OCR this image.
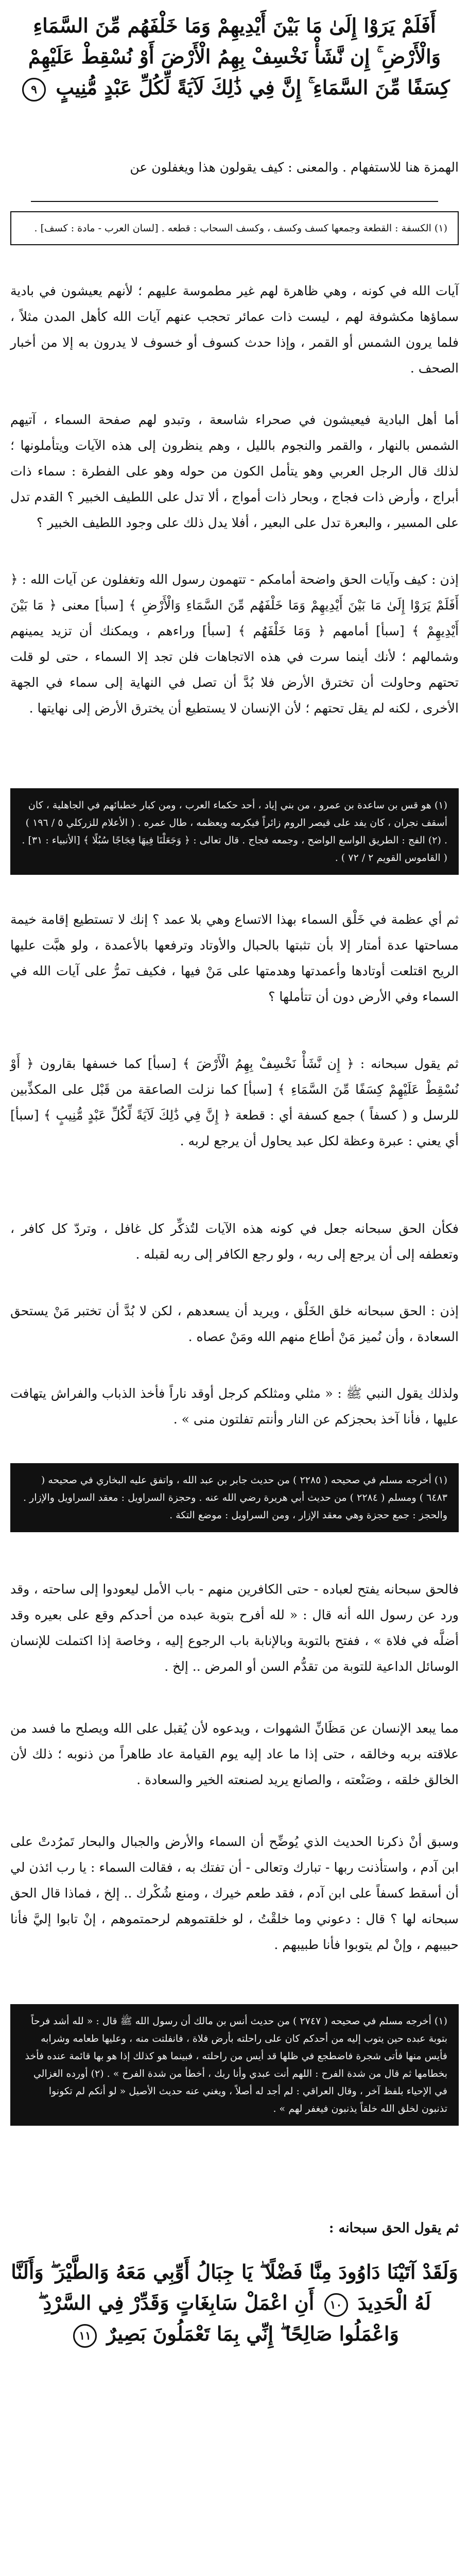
أَفَلَمْ يَرَوْا إِلَىٰ مَا بَيْنَ أَيْدِيهِمْ وَمَا خَلْفَهُم مِّنَ السَّمَاءِ وَالْأَرْضِ ۚ إِن نَّشَأْ نَخْسِفْ بِهِمُ الْأَرْضَ أَوْ نُسْقِطْ عَلَيْهِمْ كِسَفًا مِّنَ السَّمَاءِ ۚ إِنَّ فِي ذَٰلِكَ لَآيَةً لِّكُلِّ عَبْدٍ مُّنِيبٍ ٩
الهمزة هنا للاستفهام . والمعنى : كيف يقولون هذا ويغفلون عن
(١) الكسفة : القطعة وجمعها كسف وكسف ، وكسف السحاب : قطعه . [لسان العرب - مادة : كسف] .
آيات الله في كونه ، وهي ظاهرة لهم غير مطموسة عليهم ؛ لأنهم يعيشون في بادية سماؤها مكشوفة لهم ، ليست ذات عمائر تحجب عنهم آيات الله كأهل المدن مثلاً ، فلما يرون الشمس أو القمر ، وإذا حدث كسوف أو خسوف لا يدرون به إلا من أخبار الصحف .
أما أهل البادية فيعيشون في صحراء شاسعة ، وتبدو لهم صفحة السماء ، آتيهم الشمس بالنهار ، والقمر والنجوم بالليل ، وهم ينظرون إلى هذه الآيات ويتأملونها ؛ لذلك قال الرجل العربي وهو يتأمل الكون من حوله وهو على الفطرة : سماء ذات أبراج ، وأرض ذات فجاج ، وبحار ذات أمواج ، ألا تدل على اللطيف الخبير ؟ القدم تدل على المسير ، والبعرة تدل على البعير ، أفلا يدل ذلك على وجود اللطيف الخبير ؟
إذن : كيف وآيات الحق واضحة أمامكم - تتهمون رسول الله وتغفلون عن آيات الله : ﴿ أَفَلَمْ يَرَوْا إِلَىٰ مَا بَيْنَ أَيْدِيهِمْ وَمَا خَلْفَهُم مِّنَ السَّمَاءِ وَالْأَرْضِ ﴾ [سبأ] معنى ﴿ مَا بَيْنَ أَيْدِيهِمْ ﴾ [سبأ] أمامهم ﴿ وَمَا خَلْفَهُم ﴾ [سبأ] وراءهم ، ويمكنك أن تزيد يمينهم وشمالهم ؛ لأنك أينما سرت في هذه الاتجاهات فلن تجد إلا السماء ، حتى لو قلت تحتهم وحاولت أن تخترق الأرض فلا بُدَّ أن تصل في النهاية إلى سماء في الجهة الأخرى ، لكنه لم يقل تحتهم ؛ لأن الإنسان لا يستطيع أن يخترق الأرض إلى نهايتها .
(١) هو قس بن ساعدة بن عمرو ، من بني إياد ، أحد حكماء العرب ، ومن كبار خطبائهم في الجاهلية ، كان أسقف نجران ، كان يفد على قيصر الروم زائراً فيكرمه ويعظمه ، طال عمره . ( الأعلام للزركلي ٥ / ١٩٦ ) . (٢) الفج : الطريق الواسع الواضح ، وجمعه فجاج . قال تعالى : ﴿ وَجَعَلْنَا فِيهَا فِجَاجًا سُبُلًا ﴾ [الأنبياء : ٣١] . ( القاموس القويم ٢ / ٧٢ ) .
ثم أي عظمة في خَلْق السماء بهذا الاتساع وهي بلا عمد ؟ إنك لا تستطيع إقامة خيمة مساحتها عدة أمتار إلا بأن تثبتها بالحبال والأوتاد وترفعها بالأعمدة ، ولو هبَّت عليها الريح اقتلعت أوتادها وأعمدتها وهدمتها على مَنْ فيها ، فكيف تمرُّ على آيات الله في السماء وفي الأرض دون أن تتأملها ؟
ثم يقول سبحانه : ﴿ إِن نَّشَأْ نَخْسِفْ بِهِمُ الْأَرْضَ ﴾ [سبأ] كما خسفها بقارون ﴿ أَوْ نُسْقِطْ عَلَيْهِمْ كِسَفًا مِّنَ السَّمَاءِ ﴾ [سبأ] كما نزلت الصاعقة من قَبْل على المكذِّبين للرسل و ( كسفاً ) جمع كسفة أي : قطعة ﴿ إِنَّ فِي ذَٰلِكَ لَآيَةً لِّكُلِّ عَبْدٍ مُّنِيبٍ ﴾ [سبأ] أي يعني : عبرة وعظة لكل عبد يحاول أن يرجع لربه .
فكأن الحق سبحانه جعل في كونه هذه الآيات لتُذكِّر كل غافل ، وتردّ كل كافر ، وتعطفه إلى أن يرجع إلى ربه ، ولو رجع الكافر إلى ربه لقبله .
إذن : الحق سبحانه خلق الخَلْق ، ويريد أن يسعدهم ، لكن لا بُدَّ أن تختبر مَنْ يستحق السعادة ، وأن نُميز مَنْ أطاع منهم الله ومَنْ عصاه .
ولذلك يقول النبي ﷺ : « مثلي ومثلكم كرجل أوقد ناراً فأخذ الذباب والفراش يتهافت عليها ، فأنا آخذ بحجزكم عن النار وأنتم تفلتون منى » .
(١) أخرجه مسلم في صحيحه ( ٢٢٨٥ ) من حديث جابر بن عبد الله ، واتفق عليه البخاري في صحيحه ( ٦٤٨٣ ) ومسلم ( ٢٢٨٤ ) من حديث أبي هريرة رضي الله عنه . وحجزة السراويل : معقد السراويل والإزار . والحجز : جمع حجزة وهي معقد الإزار ، ومن السراويل : موضع التكة .
فالحق سبحانه يفتح لعباده - حتى الكافرين منهم - باب الأمل ليعودوا إلى ساحته ، وقد ورد عن رسول الله أنه قال : « لله أفرح بتوبة عبده من أحدكم وقع على بعيره وقد أضلَّه في فلاة » ، ففتح بالتوبة وبالإنابة باب الرجوع إليه ، وخاصة إذا اكتملت للإنسان الوسائل الداعية للتوبة من تقدُّم السن أو المرض .. إلخ .
مما يبعد الإنسان عن مَظَانِّ الشهوات ، ويدعوه لأن يُقبل على الله ويصلح ما فسد من علاقته بربه وخالقه ، حتى إذا ما عاد إليه يوم القيامة عاد طاهراً من ذنوبه ؛ ذلك لأن الخالق خلقه ، وصَنْعته ، والصانع يريد لصنعته الخير والسعادة .
وسبق أنْ ذكرنا الحديث الذي يُوضِّح أن السماء والأرض والجبال والبحار تَمرُدتْ على ابن آدم ، واستأذنت ربها - تبارك وتعالى - أن تفتك به ، فقالت السماء : يا رب ائذن لي أن أسقط كسفاً على ابن آدم ، فقد طعم خيرك ، ومنع شُكْرك .. إلخ ، فماذا قال الحق سبحانه لها ؟ قال : دعوني وما خلقْتُ ، لو خلقتموهم لرحمتموهم ، إنْ تابوا إليَّ فأنا حبيبهم ، وإنْ لم يتوبوا فأنا طبيبهم .
(١) أخرجه مسلم في صحيحه ( ٢٧٤٧ ) من حديث أنس بن مالك أن رسول الله ﷺ قال : « لله أشد فرحاً بتوبة عبده حين يتوب إليه من أحدكم كان على راحلته بأرض فلاة ، فانفلتت منه ، وعليها طعامه وشرابه فأيس منها فأتى شجرة فاضطجع في ظلها قد أيس من راحلته ، فبينما هو كذلك إذا هو بها قائمة عنده فأخذ بخطامها ثم قال من شدة الفرح : اللهم أنت عبدي وأنا ربك ، أخطأ من شدة الفرح » . (٢) أورده الغزالي في الإحياء بلفظ آخر ، وقال العراقي : لم أجد له أصلاً ، ويغني عنه حديث الأصيل « لو أنكم لم تكونوا تذنبون لخلق الله خلقاً يذنبون فيغفر لهم » .
ثم يقول الحق سبحانه :
وَلَقَدْ آتَيْنَا دَاوُودَ مِنَّا فَضْلًا ۖ يَا جِبَالُ أَوِّبِي مَعَهُ وَالطَّيْرَ ۖ وَأَلَنَّا لَهُ الْحَدِيدَ ١٠ أَنِ اعْمَلْ سَابِغَاتٍ وَقَدِّرْ فِي السَّرْدِ ۖ وَاعْمَلُوا صَالِحًا ۖ إِنِّي بِمَا تَعْمَلُونَ بَصِيرٌ ١١
